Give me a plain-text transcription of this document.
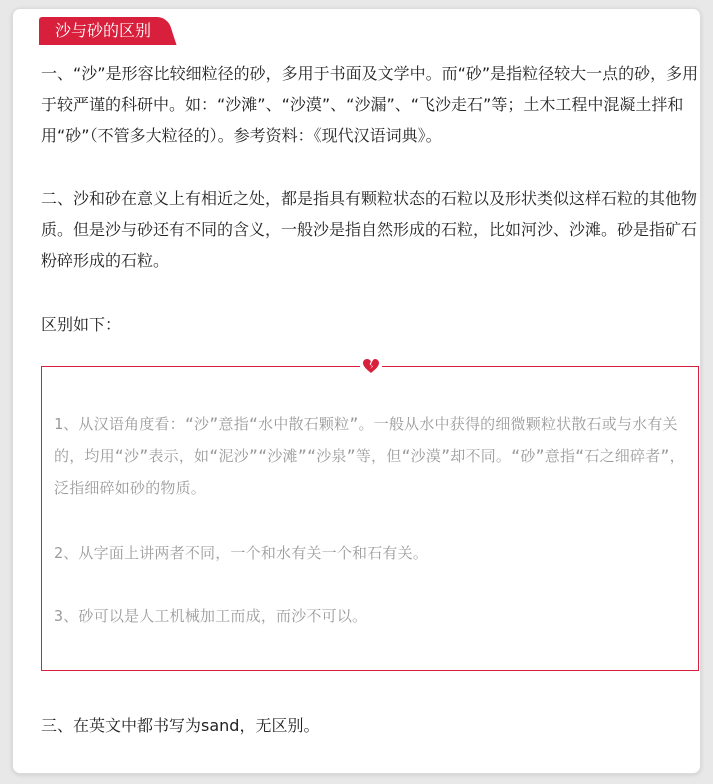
沙与砂的区别

一、“沙”是形容比较细粒径的砂，多用于书面及文学中。而“砂”是指粒径较大一点的砂，多用于较严谨的科研中。如：“沙滩”、“沙漠”、“沙漏”、“飞沙走石”等；土木工程中混凝土拌和用“砂”（不管多大粒径的）。参考资料：《现代汉语词典》。

二、沙和砂在意义上有相近之处，都是指具有颗粒状态的石粒以及形状类似这样石粒的其他物质。但是沙与砂还有不同的含义，一般沙是指自然形成的石粒，比如河沙、沙滩。砂是指矿石粉碎形成的石粒。

区别如下：

1、从汉语角度看：“沙”意指“水中散石颗粒”。一般从水中获得的细微颗粒状散石或与水有关的，均用“沙”表示，如“泥沙”“沙滩”“沙泉”等，但“沙漠”却不同。“砂”意指“石之细碎者”，泛指细碎如砂的物质。

2、从字面上讲两者不同，一个和水有关一个和石有关。

3、砂可以是人工机械加工而成，而沙不可以。

三、在英文中都书写为sand，无区别。
